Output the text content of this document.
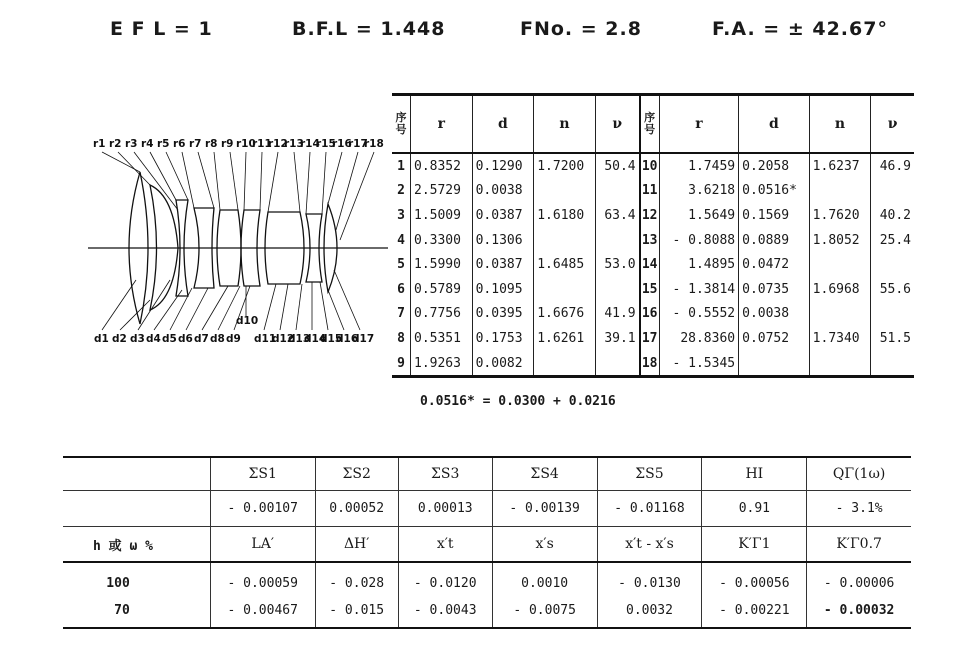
E F L = 1	B.F.L = 1.448	FNo. = 2.8	F.A. = ± 42.67°
r1 r2 r3 r4 r5 r6 r7 r8 r9 r10
r11
r12
r13
r14
r15
r16
r17
r18
d1 d2 d3 d4 d5 d6 d7 d8 d9 d11
d12
d13
d14
d15
d16
d17
d10
序号	r	d	n	ν	序号	r	d	n	ν
1	0.8352	0.1290	1.7200	50.4	10	1.7459	0.2058	1.6237	46.9
2	2.5729	0.0038			11	3.6218	0.0516*		
3	1.5009	0.0387	1.6180	63.4	12	1.5649	0.1569	1.7620	40.2
4	0.3300	0.1306			13	- 0.8088	0.0889	1.8052	25.4
5	1.5990	0.0387	1.6485	53.0	14	1.4895	0.0472		
6	0.5789	0.1095			15	- 1.3814	0.0735	1.6968	55.6
7	0.7756	0.0395	1.6676	41.9	16	- 0.5552	0.0038		
8	0.5351	0.1753	1.6261	39.1	17	28.8360	0.0752	1.7340	51.5
9	1.9263	0.0082			18	- 1.5345			
0.0516* = 0.0300 + 0.0216
	ΣS1	ΣS2	ΣS3	ΣS4	ΣS5	HI	QΓ(1ω)
	- 0.00107	0.00052	0.00013	- 0.00139	- 0.01168	0.91	- 3.1%
h 或 ω %	LA′	ΔH′	x′t	x′s	x′t - x′s	K′Γ1	K′Γ0.7
100	- 0.00059	- 0.028	- 0.0120	0.0010	- 0.0130	- 0.00056	- 0.00006
70	- 0.00467	- 0.015	- 0.0043	- 0.0075	0.0032	- 0.00221	- 0.00032
